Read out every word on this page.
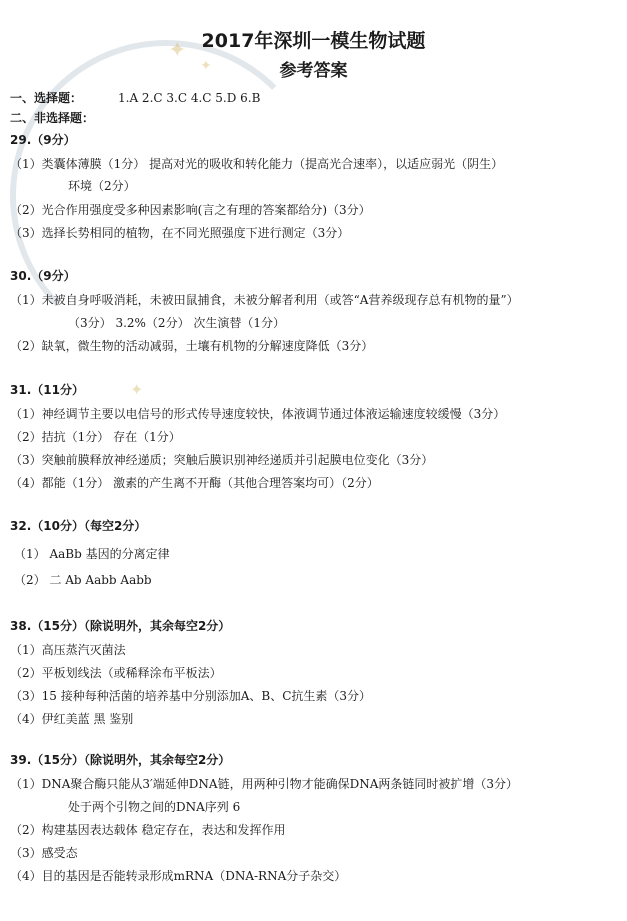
✦
✦
✦
2017年深圳一模生物试题
参考答案
一、选择题：	1.A 2.C 3.C 4.C 5.D 6.B
二、非选择题：
29.（9分）
（1）类囊体薄膜（1分） 提高对光的吸收和转化能力（提高光合速率），以适应弱光（阴生）
环境（2分）
（2）光合作用强度受多种因素影响(言之有理的答案都给分)（3分）
（3）选择长势相同的植物，在不同光照强度下进行测定（3分）
30.（9分）
（1）未被自身呼吸消耗，未被田鼠捕食，未被分解者利用（或答“A营养级现存总有机物的量”）
（3分） 3.2%（2分） 次生演替（1分）
（2）缺氧，微生物的活动减弱，土壤有机物的分解速度降低（3分）
31.（11分）
（1）神经调节主要以电信号的形式传导速度较快，体液调节通过体液运输速度较缓慢（3分）
（2）拮抗（1分） 存在（1分）
（3）突触前膜释放神经递质；突触后膜识别神经递质并引起膜电位变化（3分）
（4）都能（1分） 激素的产生离不开酶（其他合理答案均可）（2分）
32.（10分）（每空2分）
（1） AaBb 基因的分离定律
（2） 二 Ab Aabb Aabb
38.（15分）（除说明外，其余每空2分）
（1）高压蒸汽灭菌法
（2）平板划线法（或稀释涂布平板法）
（3）15 接种每种活菌的培养基中分别添加A、B、C抗生素（3分）
（4）伊红美蓝 黑 鉴别
39.（15分）（除说明外，其余每空2分）
（1）DNA聚合酶只能从3′端延伸DNA链，用两种引物才能确保DNA两条链同时被扩增（3分）
处于两个引物之间的DNA序列 6
（2）构建基因表达载体 稳定存在，表达和发挥作用
（3）感受态
（4）目的基因是否能转录形成mRNA（DNA-RNA分子杂交）
